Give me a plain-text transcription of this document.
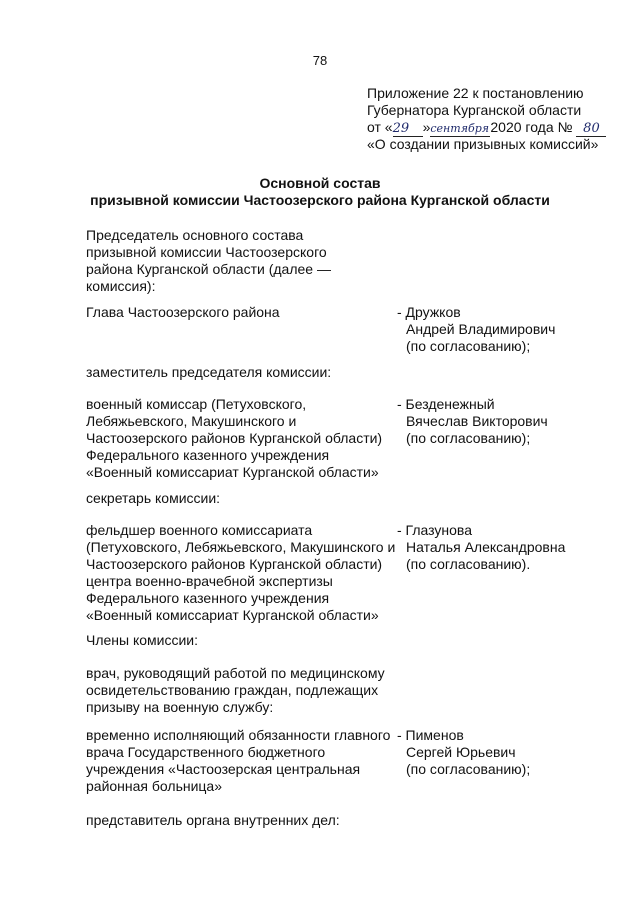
78
Приложение 22 к постановлению
Губернатора Курганской области
от «29 »сентября2020 года № 80
«О создании призывных комиссий»
Основной состав
призывной комиссии Частоозерского района Курганской области
Председатель основного состава
призывной комиссии Частоозерского
района Курганской области (далее —
комиссия):
Глава Частоозерского района	- Дружков
Андрей Владимирович
(по согласованию);
заместитель председателя комиссии:
военный комиссар (Петуховского,
Лебяжьевского, Макушинского и
Частоозерского районов Курганской области)
Федерального казенного учреждения
«Военный комиссариат Курганской области»
- Безденежный
Вячеслав Викторович
(по согласованию);
секретарь комиссии:
фельдшер военного комиссариата
(Петуховского, Лебяжьевского, Макушинского и
Частоозерского районов Курганской области)
центра военно-врачебной экспертизы
Федерального казенного учреждения
«Военный комиссариат Курганской области»
- Глазунова
Наталья Александровна
(по согласованию).
Члены комиссии:
врач, руководящий работой по медицинскому
освидетельствованию граждан, подлежащих
призыву на военную службу:
временно исполняющий обязанности главного
врача Государственного бюджетного
учреждения «Частоозерская центральная
районная больница»
- Пименов
Сергей Юрьевич
(по согласованию);
представитель органа внутренних дел:
